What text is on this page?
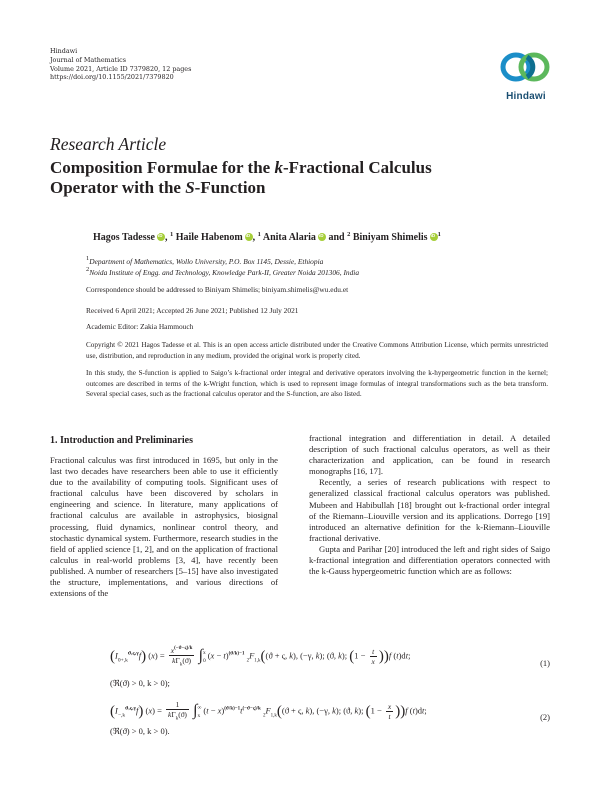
Hindawi
Journal of Mathematics
Volume 2021, Article ID 7379820, 12 pages
https://doi.org/10.1155/2021/7379820
Hindawi
Research Article
Composition Formulae for the k-Fractional Calculus
Operator with the S-Function
Hagos Tadesse iD , $^1$ Haile Habenom iD , $^1$ Anita AlariaiD and $^2$ Biniyam Shimelis iD $^1$
$^1$Department of Mathematics, Wollo University, P.O. Box 1145, Dessie, Ethiopia
$^2$Noida Institute of Engg. and Technology, Knowledge Park-II, Greater Noida 201306, India
Correspondence should be addressed to Biniyam Shimelis; biniyam.shimelis@wu.edu.et
Received 6 April 2021; Accepted 26 June 2021; Published 12 July 2021
Academic Editor: Zakia Hammouch
Copyright © 2021 Hagos Tadesse et al. This is an open access article distributed under the Creative Commons Attribution License, which permits unrestricted use, distribution, and reproduction in any medium, provided the original work is properly cited.
In this study, the S-function is applied to Saigo’s k-fractional order integral and derivative operators involving the k-hypergeometric function in the kernel; outcomes are described in terms of the k-Wright function, which is used to represent image formulas of integral transformations such as the beta transform. Several special cases, such as the fractional calculus operator and the S-function, are also listed.
1. Introduction and Preliminaries

Fractional calculus was first introduced in 1695, but only in the last two decades have researchers been able to use it efficiently due to the availability of computing tools. Significant uses of fractional calculus have been discovered by scholars in engineering and science. In literature, many applications of fractional calculus are available in astrophysics, biosignal processing, fluid dynamics, nonlinear control theory, and stochastic dynamical system. Furthermore, research studies in the field of applied science [1, 2], and on the application of fractional calculus in real-world problems [3, 4], have recently been published. A number of researchers [5–15] have also investigated the structure, implementations, and various directions of extensions of the

fractional integration and differentiation in detail. A detailed description of such fractional calculus operators, as well as their characterization and application, can be found in research monographs [16, 17].

Recently, a series of research publications with respect to generalized classical fractional calculus operators was published. Mubeen and Habibullah [18] brought out k-fractional order integral of the Riemann–Liouville version and its applications. Dorrego [19] introduced an alternative definition for the k-Riemann–Liouville fractional derivative.

Gupta and Parihar [20] introduced the left and right sides of Saigo k-fractional integration and differentiation operators connected with the k-Gauss hypergeometric function which are as follows:

$(I_{0+,k}^{ϑ,\varsigma,\gamma}f) (x) = \frac{x^{(-ϑ-\varsigma)/k}}{k\Gamma_k(ϑ)} \int x$
$0(x - t)^{(ϑ/k)-1}$ $_2F_{1,k}((ϑ + \varsigma$, k), (−γ, k); (ϑ, k); $(1 - \frac{t}{x} ))f$ (t)dt;
(ℜ(ϑ) > 0, k > 0);
(1)
$(I_{-,k}^{ϑ,\varsigma,\gamma}f) (x) = \frac{1}{k\Gamma_k(ϑ)}$ ∫∞
$x(t - x)^{(ϑ/k)-1}t^{(-ϑ-\varsigma)/k}$ $_2F_{1,k}((ϑ + \varsigma$, k), (−γ, k); (ϑ, k); $(1 - \frac{x}{t} ))f$ (t)dt;
(ℜ(ϑ) > 0, k > 0).
(2)
